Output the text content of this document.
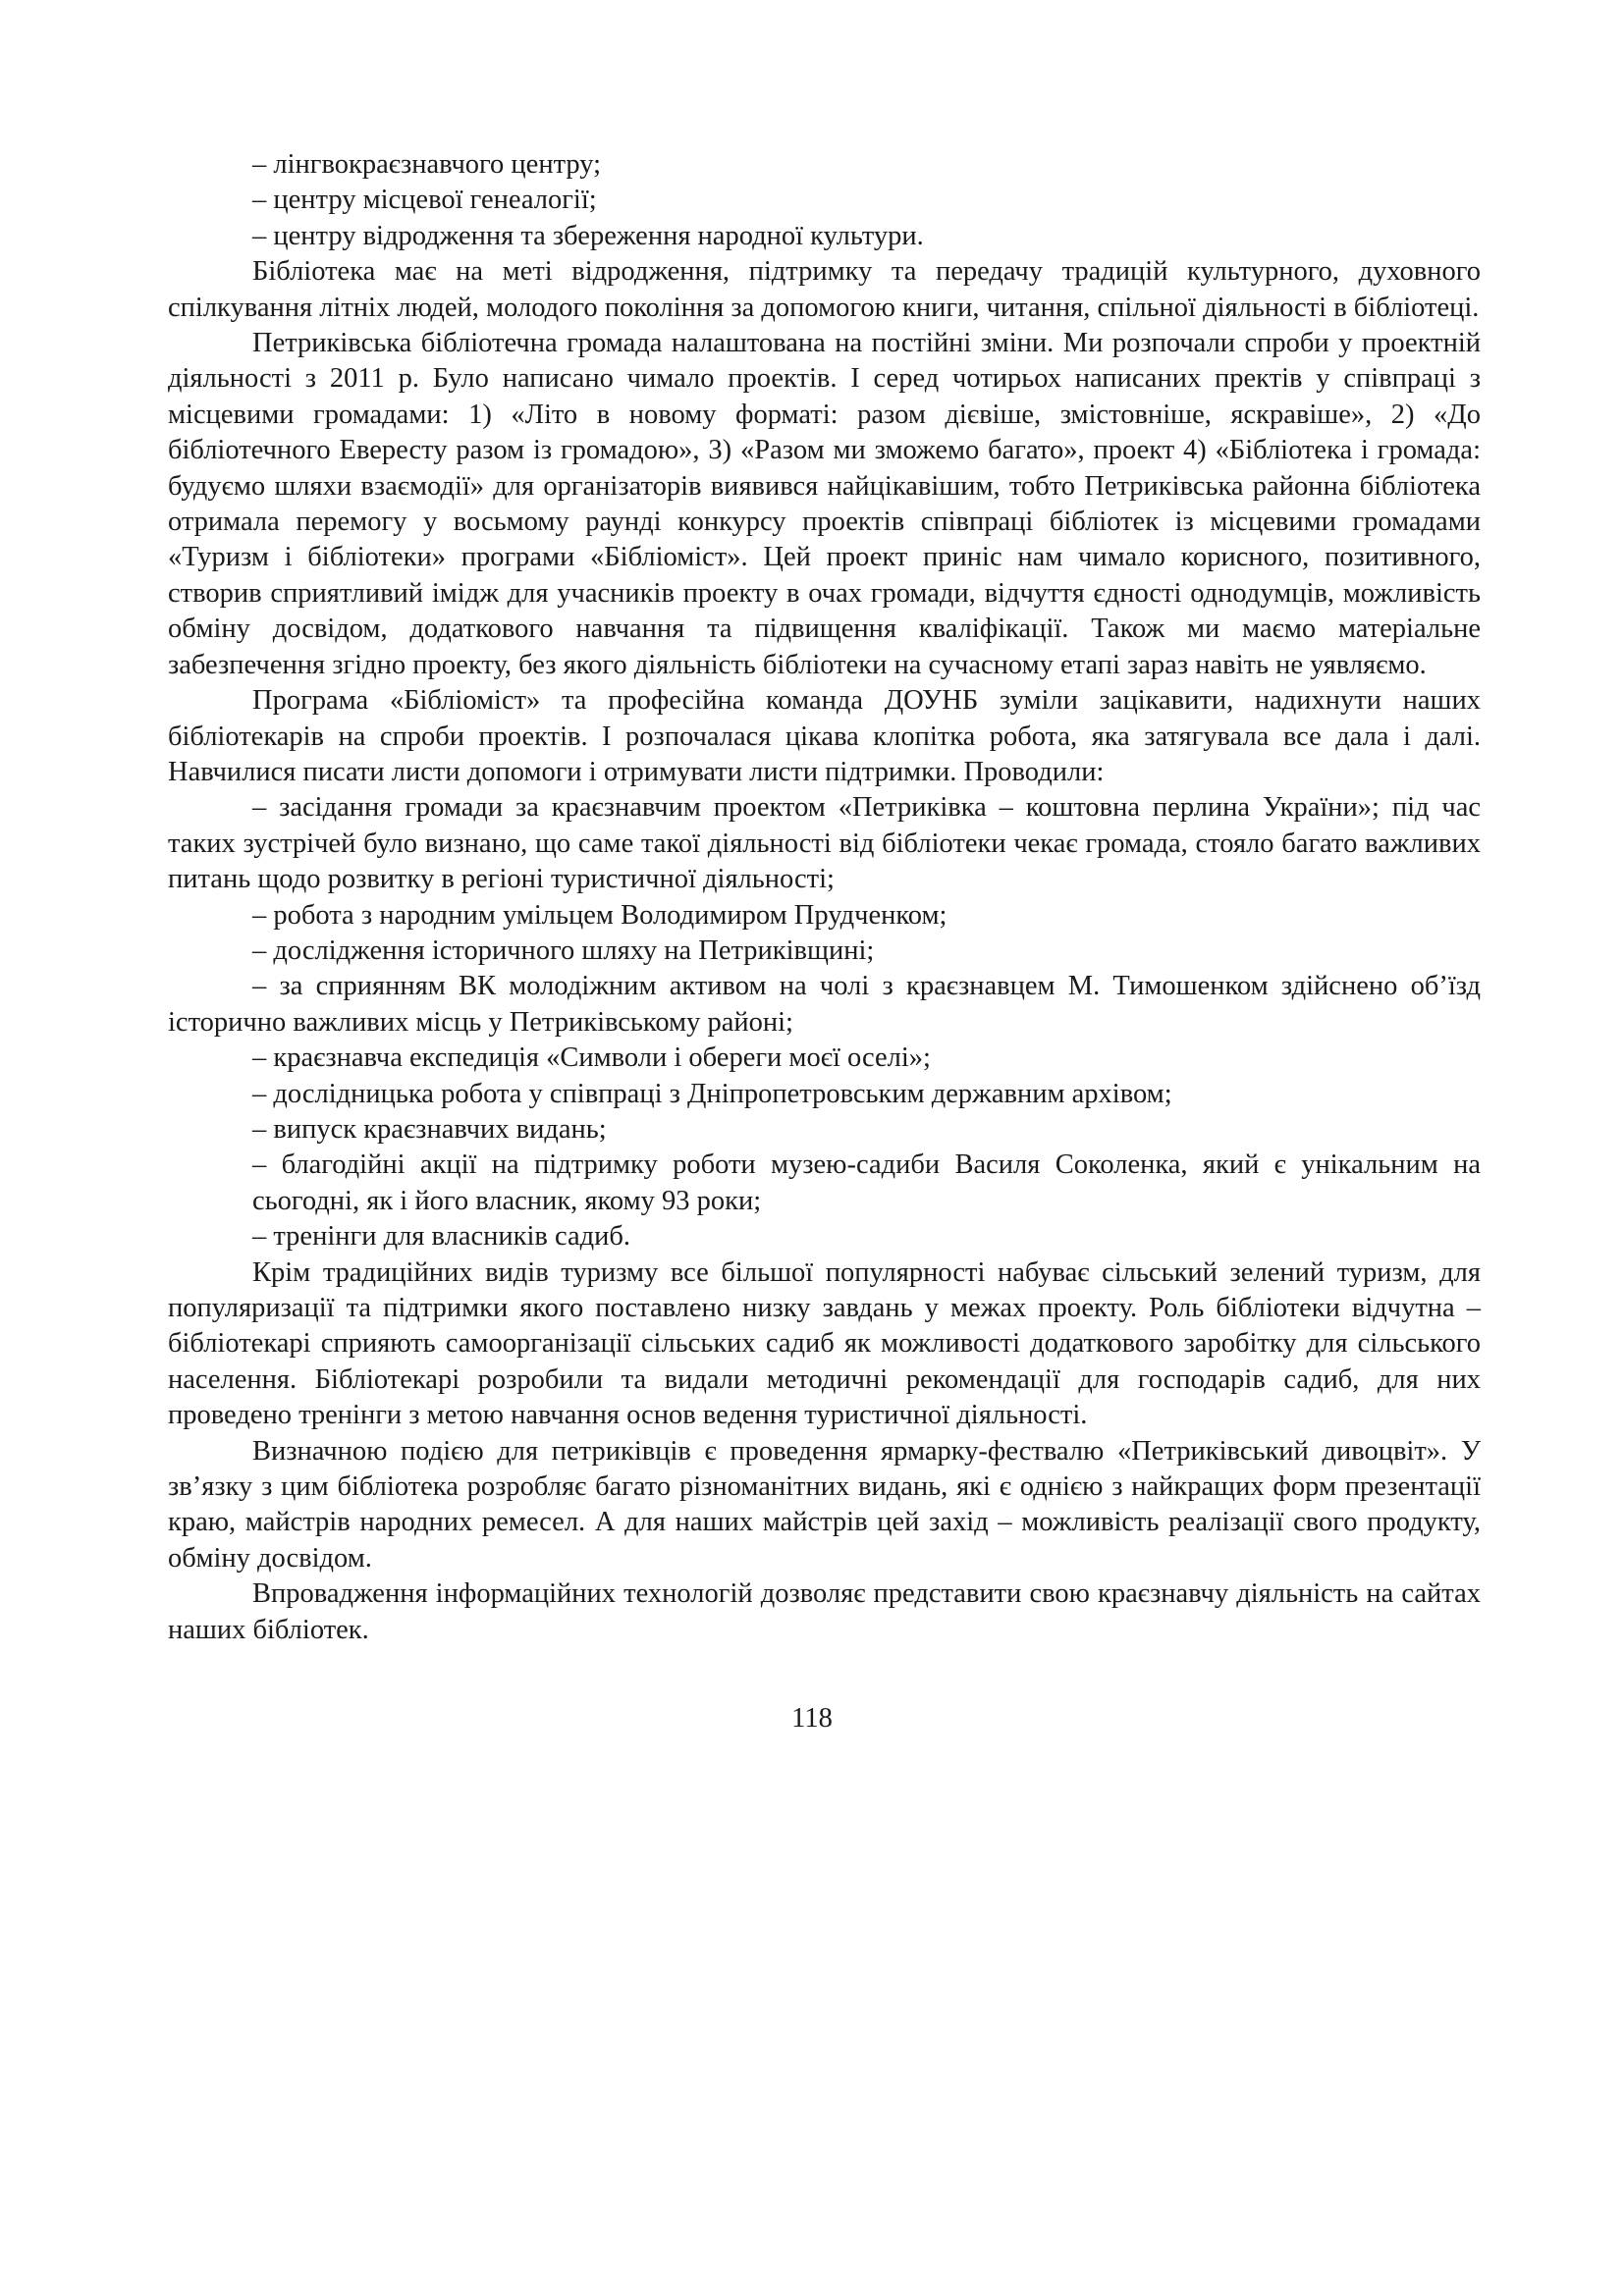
– лінгвокраєзнавчого центру;

– центру місцевої генеалогії;

– центру відродження та збереження народної культури.

Бібліотека має на меті відродження, підтримку та передачу традицій культурного, духовного спілкування літніх людей, молодого покоління за допомогою книги, читання, спільної діяльності в бібліотеці.

Петриківська бібліотечна громада налаштована на постійні зміни. Ми розпочали спроби у проектній діяльності з 2011 р. Було написано чимало проектів. І серед чотирьох написаних пректів у співпраці з місцевими громадами: 1) «Літо в новому форматі: разом дієвіше, змістовніше, яскравіше», 2) «До бібліотечного Евересту разом із громадою», 3) «Разом ми зможемо багато», проект 4) «Бібліотека і громада: будуємо шляхи взаємодії» для організаторів виявився найцікавішим, тобто Петриківська районна бібліотека отримала перемогу у восьмому раунді конкурсу проектів співпраці бібліотек із місцевими громадами «Туризм і бібліотеки» програми «Бібліоміст». Цей проект приніс нам чимало корисного, позитивного, створив сприятливий імідж для учасників проекту в очах громади, відчуття єдності однодумців, можливість обміну досвідом, додаткового навчання та підвищення кваліфікації. Також ми маємо матеріальне забезпечення згідно проекту, без якого діяльність бібліотеки на сучасному етапі зараз навіть не уявляємо.

Програма «Бібліоміст» та професійна команда ДОУНБ зуміли зацікавити, надихнути наших бібліотекарів на спроби проектів. І розпочалася цікава клопітка робота, яка затягувала все дала і далі. Навчилися писати листи допомоги і отримувати листи підтримки. Проводили:

– засідання громади за краєзнавчим проектом «Петриківка – коштовна перлина України»; під час таких зустрічей було визнано, що саме такої діяльності від бібліотеки чекає громада, стояло багато важливих питань щодо розвитку в регіоні туристичної діяльності;

– робота з народним умільцем Володимиром Прудченком;

– дослідження історичного шляху на Петриківщині;

– за сприянням ВК молодіжним активом на чолі з краєзнавцем М. Тимошенком здійснено об’їзд історично важливих місць у Петриківському районі;

– краєзнавча експедиція «Символи і обереги моєї оселі»;

– дослідницька робота у співпраці з Дніпропетровським державним архівом;

– випуск краєзнавчих видань;

– благодійні акції на підтримку роботи музею-садиби Василя Соколенка, який є унікальним на сьогодні, як і його власник, якому 93 роки;

– тренінги для власників садиб.

Крім традиційних видів туризму все більшої популярності набуває сільський зелений туризм, для популяризації та підтримки якого поставлено низку завдань у межах проекту. Роль бібліотеки відчутна – бібліотекарі сприяють самоорганізації сільських садиб як можливості додаткового заробітку для сільського населення. Бібліотекарі розробили та видали методичні рекомендації для господарів садиб, для них проведено тренінги з метою навчання основ ведення туристичної діяльності.

Визначною подією для петриківців є проведення ярмарку-фествалю «Петриківський дивоцвіт». У зв’язку з цим бібліотека розробляє багато різноманітних видань, які є однією з найкращих форм презентації краю, майстрів народних ремесел. А для наших майстрів цей захід – можливість реалізації свого продукту, обміну досвідом.

Впровадження інформаційних технологій дозволяє представити свою краєзнавчу діяльність на сайтах наших бібліотек.

118
